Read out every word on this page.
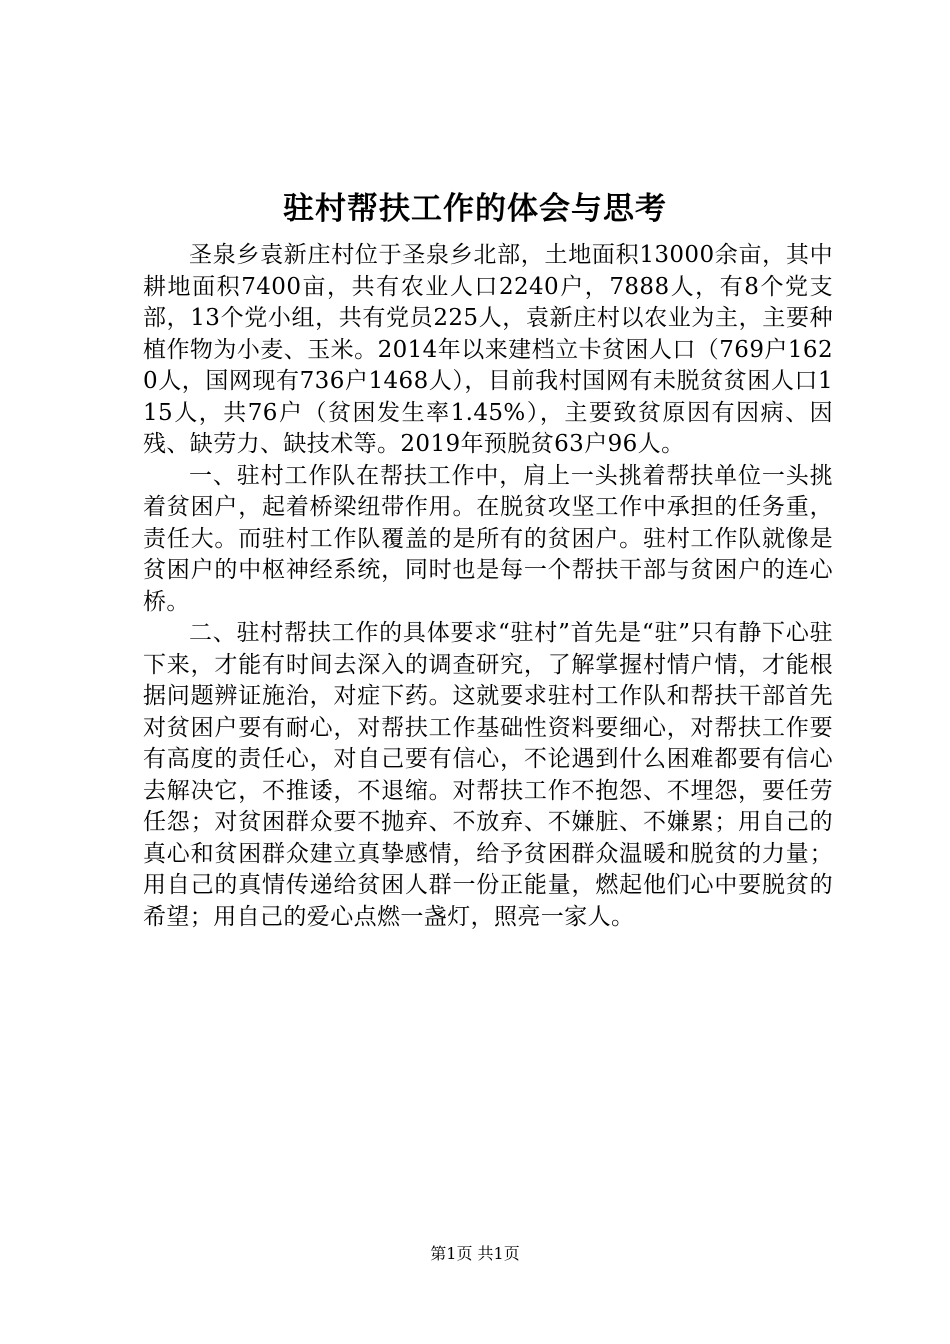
驻村帮扶工作的体会与思考

圣泉乡袁新庄村位于圣泉乡北部，土地面积13000余亩，其中耕地面积7400亩，共有农业人口2240户，7888人，有8个党支部，13个党小组，共有党员225人，袁新庄村以农业为主，主要种植作物为小麦、玉米。2014年以来建档立卡贫困人口（769户1620人，国网现有736户1468人），目前我村国网有未脱贫贫困人口115人，共76户（贫困发生率1.45%），主要致贫原因有因病、因残、缺劳力、缺技术等。2019年预脱贫63户96人。

一、驻村工作队在帮扶工作中，肩上一头挑着帮扶单位一头挑着贫困户，起着桥梁纽带作用。在脱贫攻坚工作中承担的任务重，责任大。而驻村工作队覆盖的是所有的贫困户。驻村工作队就像是贫困户的中枢神经系统，同时也是每一个帮扶干部与贫困户的连心桥。

二、驻村帮扶工作的具体要求“驻村”首先是“驻”只有静下心驻下来，才能有时间去深入的调查研究，了解掌握村情户情，才能根据问题辨证施治，对症下药。这就要求驻村工作队和帮扶干部首先对贫困户要有耐心，对帮扶工作基础性资料要细心，对帮扶工作要有高度的责任心，对自己要有信心，不论遇到什么困难都要有信心去解决它，不推诿，不退缩。对帮扶工作不抱怨、不埋怨，要任劳任怨；对贫困群众要不抛弃、不放弃、不嫌脏、不嫌累；用自己的真心和贫困群众建立真挚感情，给予贫困群众温暖和脱贫的力量；用自己的真情传递给贫困人群一份正能量，燃起他们心中要脱贫的希望；用自己的爱心点燃一盏灯，照亮一家人。

第1页 共1页
